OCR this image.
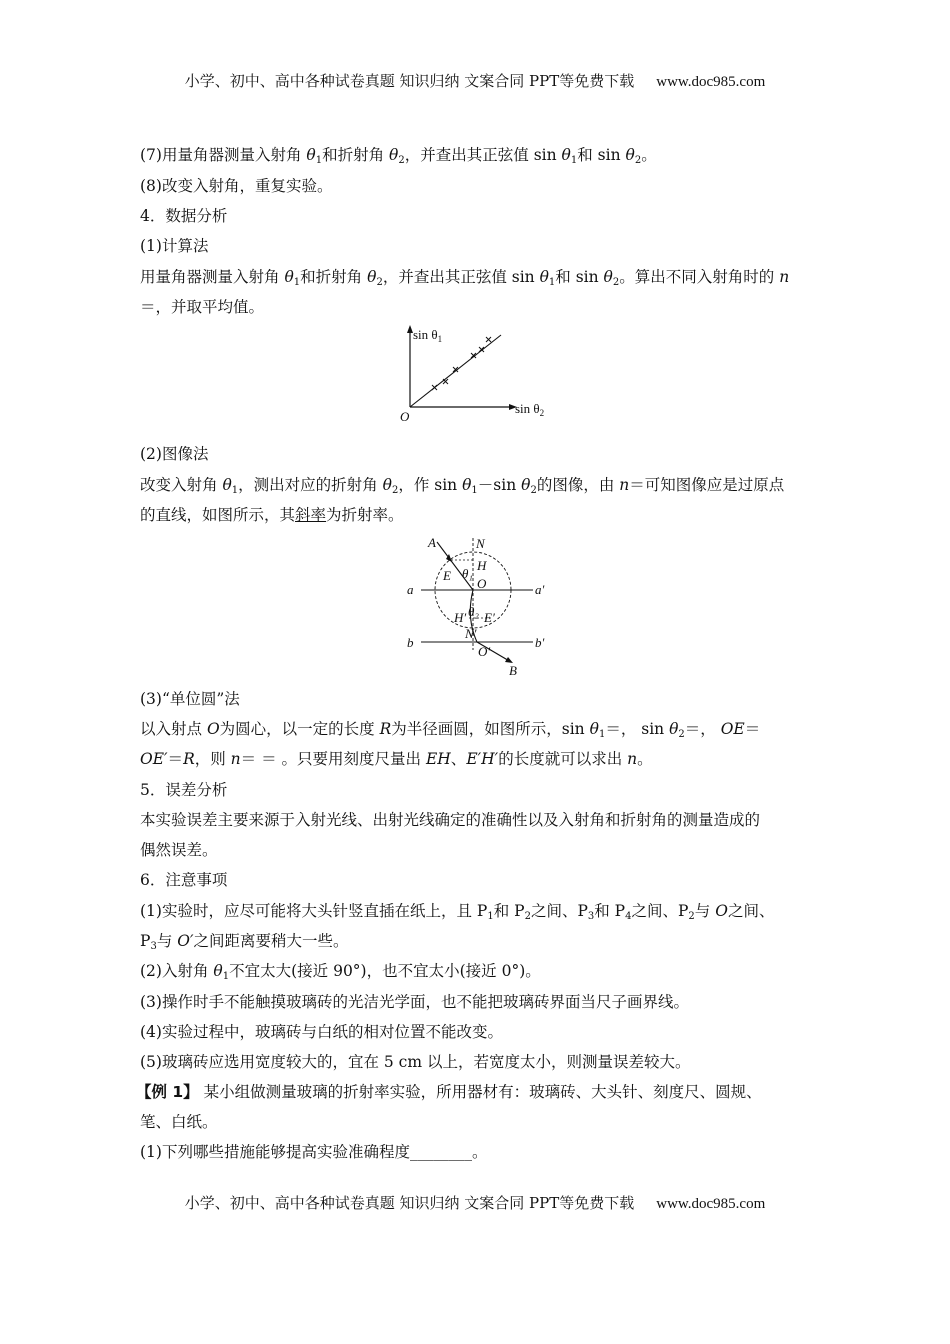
小学、初中、高中各种试卷真题 知识归纳 文案合同 PPT等免费下载 www.doc985.com
(7)用量角器测量入射角 $\theta_1$和折射角 $\theta_2$，并查出其正弦值 $\sin \theta_1$和 $\sin \theta_2$。
(8)改变入射角，重复实验。
4．数据分析
(1)计算法
用量角器测量入射角 $\theta_1$和折射角 $\theta_2$，并查出其正弦值 $\sin \theta_1$和 $\sin \theta_2$。算出不同入射角时的 n
＝，并取平均值。
$\sin \theta_1$
$\sin \theta_2$
O
(2)图像法
改变入射角 $\theta_1$，测出对应的折射角 $\theta_2$，作 $\sin \theta_1-\sin$ $\theta_2$的图像，由 n＝可知图像应是过原点
的直线，如图所示，其斜率为折射率。
A	N
H
E θ₁
O
a	a′
H′ θ₂ E′
N′
b	b′
O′
B
(3)“单位圆”法
以入射点 O为圆心，以一定的长度 R为半径画圆，如图所示，$\sin \theta_1=$， $\sin \theta_2=$， OE＝
OE′＝R，则 n＝ ＝ 。只要用刻度尺量出 EH、E′H′的长度就可以求出 n。
5．误差分析
本实验误差主要来源于入射光线、出射光线确定的准确性以及入射角和折射角的测量造成的
偶然误差。
6．注意事项
(1)实验时，应尽可能将大头针竖直插在纸上，且 $P_1$和 $P_2$之间、$P_3$和 $P_4$之间、$P_2$与 O之间、
$P_3$与 O′之间距离要稍大一些。
(2)入射角 $\theta_1$不宜太大(接近 90°)，也不宜太小(接近 0°)。
(3)操作时手不能触摸玻璃砖的光洁光学面，也不能把玻璃砖界面当尺子画界线。
(4)实验过程中，玻璃砖与白纸的相对位置不能改变。
(5)玻璃砖应选用宽度较大的，宜在 5 cm 以上，若宽度太小，则测量误差较大。
【例 1】 某小组做测量玻璃的折射率实验，所用器材有：玻璃砖、大头针、刻度尺、圆规、
笔、白纸。
(1)下列哪些措施能够提高实验准确程度________。
小学、初中、高中各种试卷真题 知识归纳 文案合同 PPT等免费下载 www.doc985.com
